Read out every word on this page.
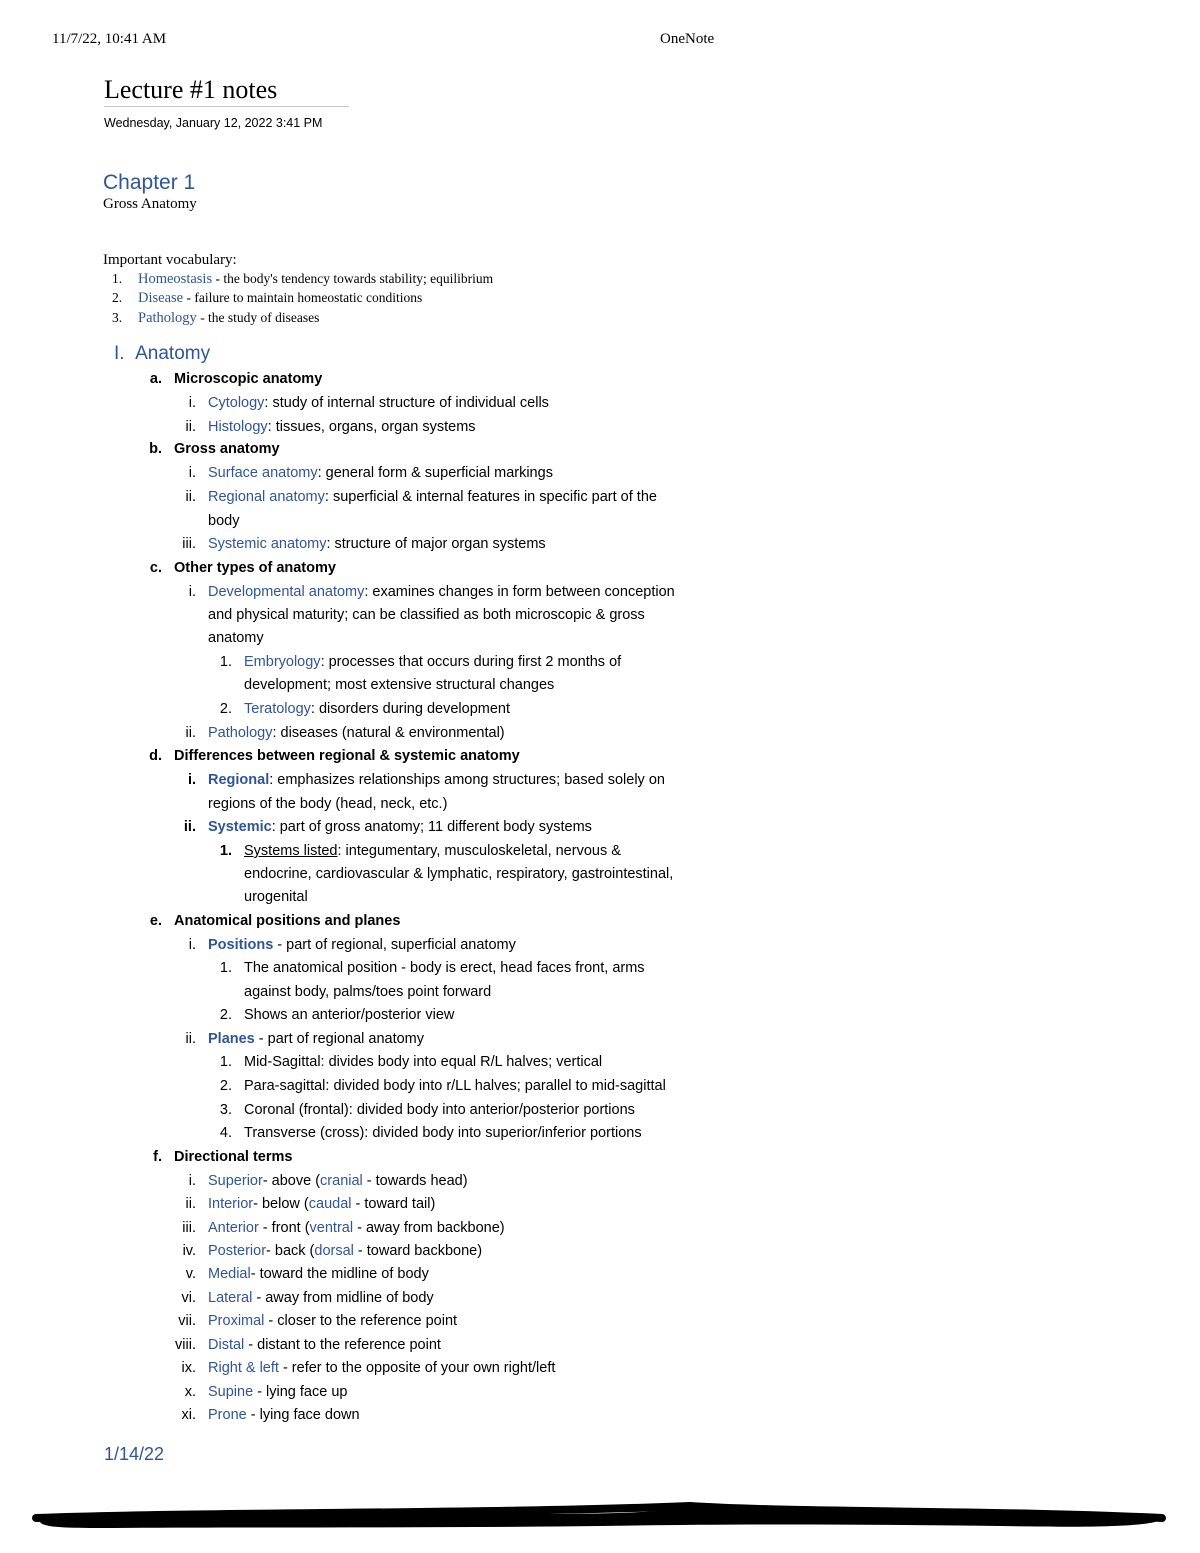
11/7/22, 10:41 AM	OneNote
Lecture #1 notes
Wednesday, January 12, 2022 3:41 PM
Chapter 1
Gross Anatomy
Important vocabulary:
1. Homeostasis - the body's tendency towards stability; equilibrium
2. Disease - failure to maintain homeostatic conditions
3. Pathology - the study of diseases
I. Anatomy
a. Microscopic anatomy
i. Cytology: study of internal structure of individual cells
ii. Histology: tissues, organs, organ systems
b. Gross anatomy
i. Surface anatomy: general form & superficial markings
ii. Regional anatomy: superficial & internal features in specific part of the
body
iii. Systemic anatomy: structure of major organ systems
c. Other types of anatomy
i. Developmental anatomy: examines changes in form between conception
and physical maturity; can be classified as both microscopic & gross
anatomy
1. Embryology: processes that occurs during first 2 months of
development; most extensive structural changes
2. Teratology: disorders during development
ii. Pathology: diseases (natural & environmental)
d. Differences between regional & systemic anatomy
i. Regional: emphasizes relationships among structures; based solely on
regions of the body (head, neck, etc.)
ii. Systemic: part of gross anatomy; 11 different body systems
1. Systems listed: integumentary, musculoskeletal, nervous &
endocrine, cardiovascular & lymphatic, respiratory, gastrointestinal,
urogenital
e. Anatomical positions and planes
i. Positions - part of regional, superficial anatomy
1. The anatomical position - body is erect, head faces front, arms
against body, palms/toes point forward
2. Shows an anterior/posterior view
ii. Planes - part of regional anatomy
1. Mid-Sagittal: divides body into equal R/L halves; vertical
2. Para-sagittal: divided body into r/LL halves; parallel to mid-sagittal
3. Coronal (frontal): divided body into anterior/posterior portions
4. Transverse (cross): divided body into superior/inferior portions
f. Directional terms
i. Superior- above (cranial - towards head)
ii. Interior- below (caudal - toward tail)
iii. Anterior - front (ventral - away from backbone)
iv. Posterior- back (dorsal - toward backbone)
v. Medial- toward the midline of body
vi. Lateral - away from midline of body
vii. Proximal - closer to the reference point
viii. Distal - distant to the reference point
ix. Right & left - refer to the opposite of your own right/left
x. Supine - lying face up
xi. Prone - lying face down
1/14/22
